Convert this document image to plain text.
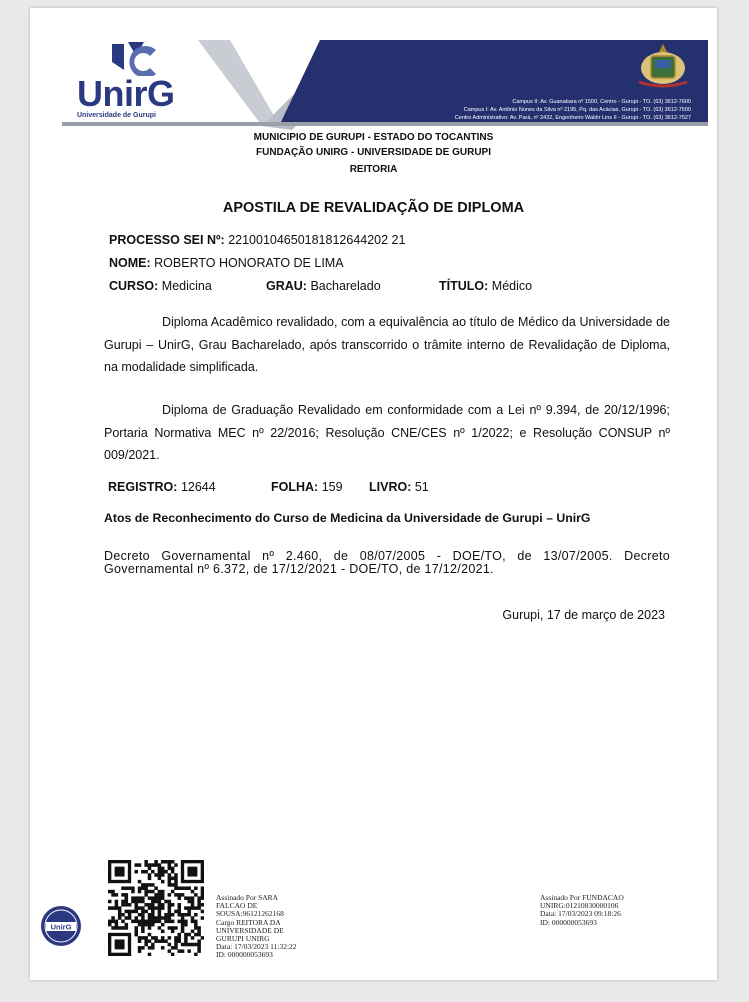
UnirG
Universidade de Gurupi
Campus II: Av. Guanabara nº 1500, Centro - Gurupi - TO. (63) 3612-7600
Campus I: Av. Antônio Nunes da Silva nº 2195, Pq. das Acácias, Gurupi - TO. (63) 3612-7500
Centro Administrativo: Av. Pará, nº 2432, Engenheiro Waldir Lins II - Gurupi - TO. (63) 3612-7527
MUNICIPIO DE GURUPI - ESTADO DO TOCANTINS
FUNDAÇÃO UNIRG - UNIVERSIDADE DE GURUPI
REITORIA
APOSTILA DE REVALIDAÇÃO DE DIPLOMA
PROCESSO SEI Nº: 22100104650181812644202 21
NOME: ROBERTO HONORATO DE LIMA
CURSO: Medicina	GRAU: Bacharelado	TÍTULO: Médico
Diploma Acadêmico revalidado, com a equivalência ao título de Médico da Universidade de Gurupi – UnirG, Grau Bacharelado, após transcorrido o trâmite interno de Revalidação de Diploma, na modalidade simplificada.
Diploma de Graduação Revalidado em conformidade com a Lei nº 9.394, de 20/12/1996; Portaria Normativa MEC nº 22/2016; Resolução CNE/CES nº 1/2022; e Resolução CONSUP nº 009/2021.
REGISTRO: 12644	FOLHA: 159 LIVRO: 51
Atos de Reconhecimento do Curso de Medicina da Universidade de Gurupi – UnirG
Decreto Governamental nº 2.460, de 08/07/2005 - DOE/TO, de 13/07/2005. Decreto Governamental nº 6.372, de 17/12/2021 - DOE/TO, de 17/12/2021.
Gurupi, 17 de março de 2023
UnirG
Assinado Por SARA
FALCAO DE
SOUSA:96121262168
Cargo REITORA DA
UNIVERSIDADE DE
GURUPI UNIRG
Data: 17/03/2023 11:32:22
ID: 000000053693
Assinado Por FUNDACAO
UNIRG:01210830000106
Data: 17/03/2023 09:18:26
ID: 000000053693
